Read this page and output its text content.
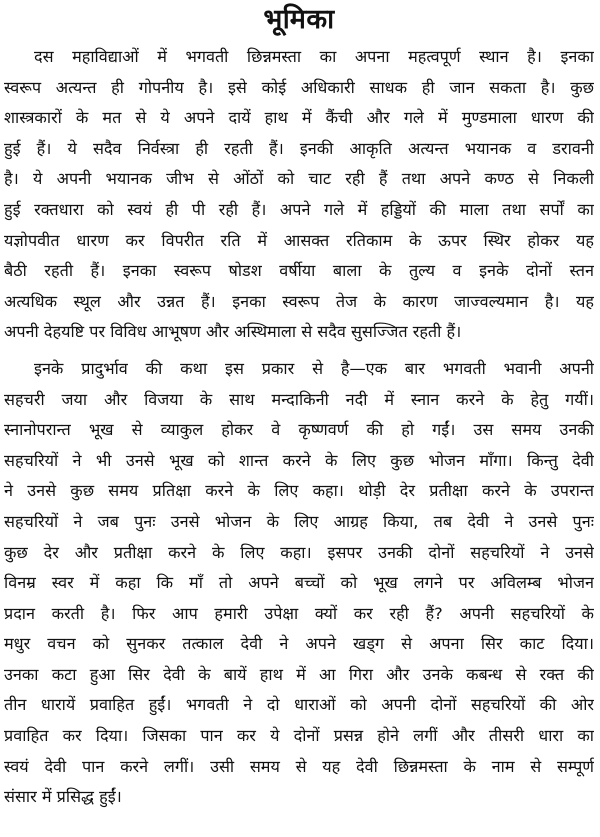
भूमिका
दस महाविद्याओं में भगवती छिन्नमस्ता का अपना महत्वपूर्ण स्थान है। इनका
स्वरूप अत्यन्त ही गोपनीय है। इसे कोई अधिकारी साधक ही जान सकता है। कुछ
शास्त्रकारों के मत से ये अपने दायें हाथ में कैंची और गले में मुण्डमाला धारण की
हुई हैं। ये सदैव निर्वस्त्रा ही रहती हैं। इनकी आकृति अत्यन्त भयानक व डरावनी
है। ये अपनी भयानक जीभ से ओंठों को चाट रही हैं तथा अपने कण्ठ से निकली
हुई रक्तधारा को स्वयं ही पी रही हैं। अपने गले में हड्डियों की माला तथा सर्पों का
यज्ञोपवीत धारण कर विपरीत रति में आसक्त रतिकाम के ऊपर स्थिर होकर यह
बैठी रहती हैं। इनका स्वरूप षोडश वर्षीया बाला के तुल्य व इनके दोनों स्तन
अत्यधिक स्थूल और उन्नत हैं। इनका स्वरूप तेज के कारण जाज्वल्यमान है। यह
अपनी देहयष्टि पर विविध आभूषण और अस्थिमाला से सदैव सुसज्जित रहती हैं।
इनके प्रादुर्भाव की कथा इस प्रकार से है—एक बार भगवती भवानी अपनी
सहचरी जया और विजया के साथ मन्दाकिनी नदी में स्नान करने के हेतु गयीं।
स्नानोपरान्त भूख से व्याकुल होकर वे कृष्णवर्ण की हो गईं। उस समय उनकी
सहचरियों ने भी उनसे भूख को शान्त करने के लिए कुछ भोजन माँगा। किन्तु देवी
ने उनसे कुछ समय प्रतिक्षा करने के लिए कहा। थोड़ी देर प्रतीक्षा करने के उपरान्त
सहचरियों ने जब पुनः उनसे भोजन के लिए आग्रह किया, तब देवी ने उनसे पुनः
कुछ देर और प्रतीक्षा करने के लिए कहा। इसपर उनकी दोनों सहचरियों ने उनसे
विनम्र स्वर में कहा कि माँ तो अपने बच्चों को भूख लगने पर अविलम्ब भोजन
प्रदान करती है। फिर आप हमारी उपेक्षा क्यों कर रही हैं? अपनी सहचरियों के
मधुर वचन को सुनकर तत्काल देवी ने अपने खड्ग से अपना सिर काट दिया।
उनका कटा हुआ सिर देवी के बायें हाथ में आ गिरा और उनके कबन्ध से रक्त की
तीन धारायें प्रवाहित हुईं। भगवती ने दो धाराओं को अपनी दोनों सहचरियों की ओर
प्रवाहित कर दिया। जिसका पान कर ये दोनों प्रसन्न होने लगीं और तीसरी धारा का
स्वयं देवी पान करने लगीं। उसी समय से यह देवी छिन्नमस्ता के नाम से सम्पूर्ण
संसार में प्रसिद्ध हुईं।
